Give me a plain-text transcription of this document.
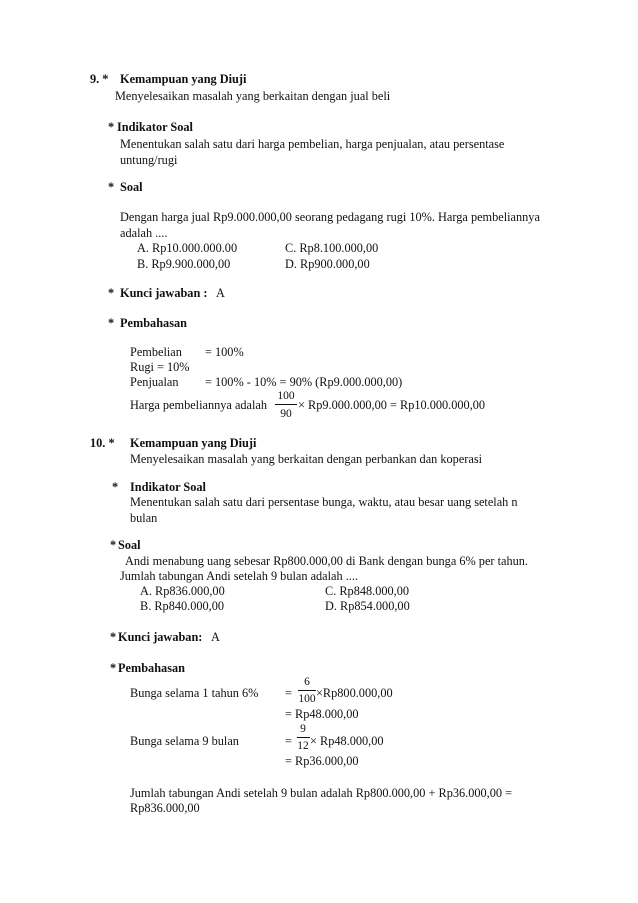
9. * Kemampuan yang Diuji
Menyelesaikan masalah yang berkaitan dengan jual beli
* Indikator Soal
Menentukan salah satu dari harga pembelian, harga penjualan, atau persentase
untung/rugi
* Soal
Dengan harga jual Rp9.000.000,00 seorang pedagang rugi 10%. Harga pembeliannya
adalah ....
A. Rp10.000.000.00	C. Rp8.100.000,00
B. Rp9.900.000,00	D. Rp900.000,00
* Kunci jawaban : A
* Pembahasan
Pembelian = 100%
Rugi = 10%
Penjualan = 100% - 10% = 90% (Rp9.000.000,00)
Harga pembeliannya adalah
100
90
× Rp9.000.000,00 = Rp10.000.000,00
10. * Kemampuan yang Diuji
Menyelesaikan masalah yang berkaitan dengan perbankan dan koperasi
* Indikator Soal
Menentukan salah satu dari persentase bunga, waktu, atau besar uang setelah n
bulan
* Soal
Andi menabung uang sebesar Rp800.000,00 di Bank dengan bunga 6% per tahun.
Jumlah tabungan Andi setelah 9 bulan adalah ....
A. Rp836.000,00	C. Rp848.000,00
B. Rp840.000,00	D. Rp854.000,00
* Kunci jawaban: A
* Pembahasan
Bunga selama 1 tahun 6% =
6
100 ×Rp800.000,00
= Rp48.000,00
Bunga selama 9 bulan	=
9
12 × Rp48.000,00
= Rp36.000,00
Jumlah tabungan Andi setelah 9 bulan adalah Rp800.000,00 + Rp36.000,00 =
Rp836.000,00
